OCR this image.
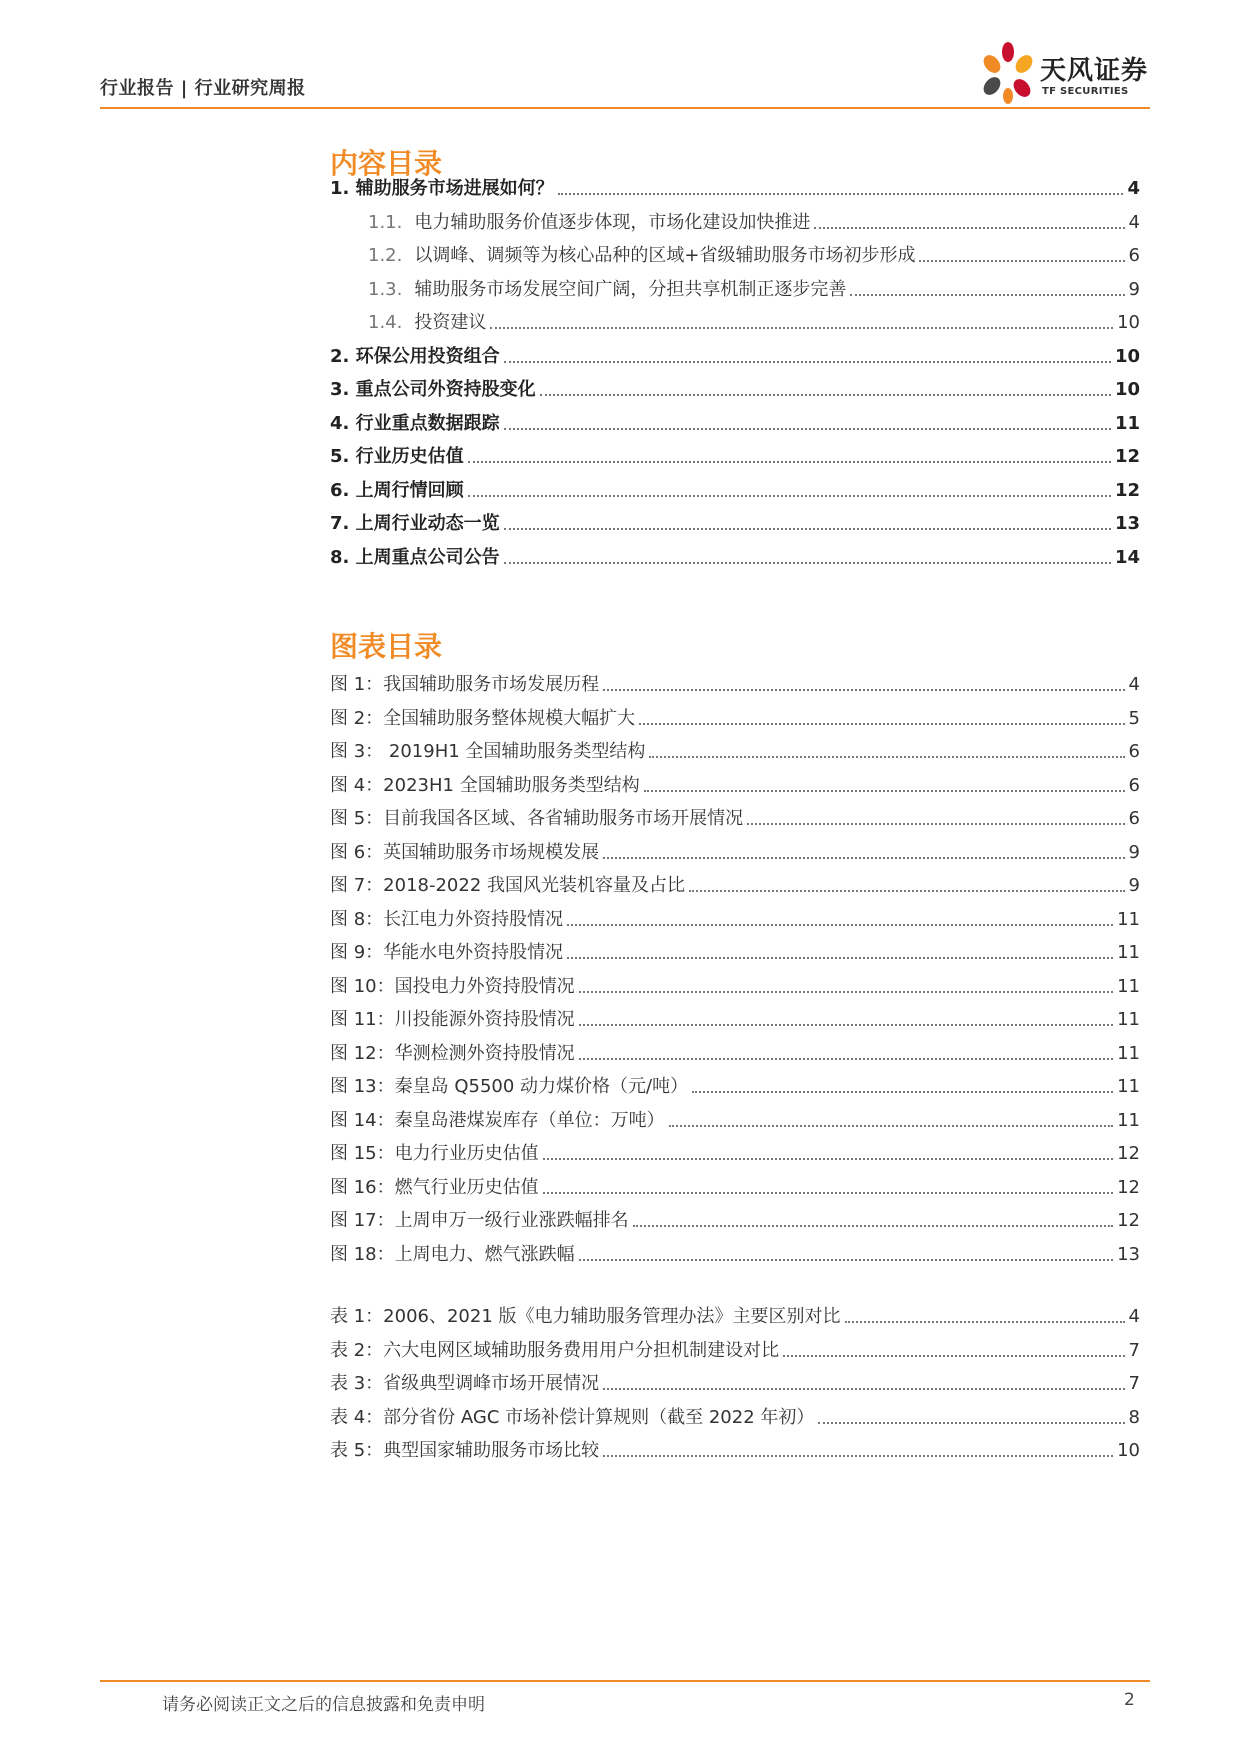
行业报告 | 行业研究周报
天风证券
TF SECURITIES
内容目录
1. 辅助服务市场进展如何？	4
1.1. 电力辅助服务价值逐步体现，市场化建设加快推进	4
1.2. 以调峰、调频等为核心品种的区域+省级辅助服务市场初步形成	6
1.3. 辅助服务市场发展空间广阔，分担共享机制正逐步完善	9
1.4. 投资建议	10
2. 环保公用投资组合	10
3. 重点公司外资持股变化	10
4. 行业重点数据跟踪	11
5. 行业历史估值	12
6. 上周行情回顾	12
7. 上周行业动态一览	13
8. 上周重点公司公告	14
图表目录
图 1：我国辅助服务市场发展历程	4
图 2：全国辅助服务整体规模大幅扩大	5
图 3： 2019H1 全国辅助服务类型结构	6
图 4：2023H1 全国辅助服务类型结构	6
图 5：目前我国各区域、各省辅助服务市场开展情况	6
图 6：英国辅助服务市场规模发展	9
图 7：2018-2022 我国风光装机容量及占比	9
图 8：长江电力外资持股情况	11
图 9：华能水电外资持股情况	11
图 10：国投电力外资持股情况	11
图 11：川投能源外资持股情况	11
图 12：华测检测外资持股情况	11
图 13：秦皇岛 Q5500 动力煤价格（元/吨）	11
图 14：秦皇岛港煤炭库存（单位：万吨）	11
图 15：电力行业历史估值	12
图 16：燃气行业历史估值	12
图 17：上周申万一级行业涨跌幅排名	12
图 18：上周电力、燃气涨跌幅	13
表 1：2006、2021 版《电力辅助服务管理办法》主要区别对比	4
表 2：六大电网区域辅助服务费用用户分担机制建设对比	7
表 3：省级典型调峰市场开展情况	7
表 4：部分省份 AGC 市场补偿计算规则（截至 2022 年初）	8
表 5：典型国家辅助服务市场比较	10
请务必阅读正文之后的信息披露和免责申明	2
